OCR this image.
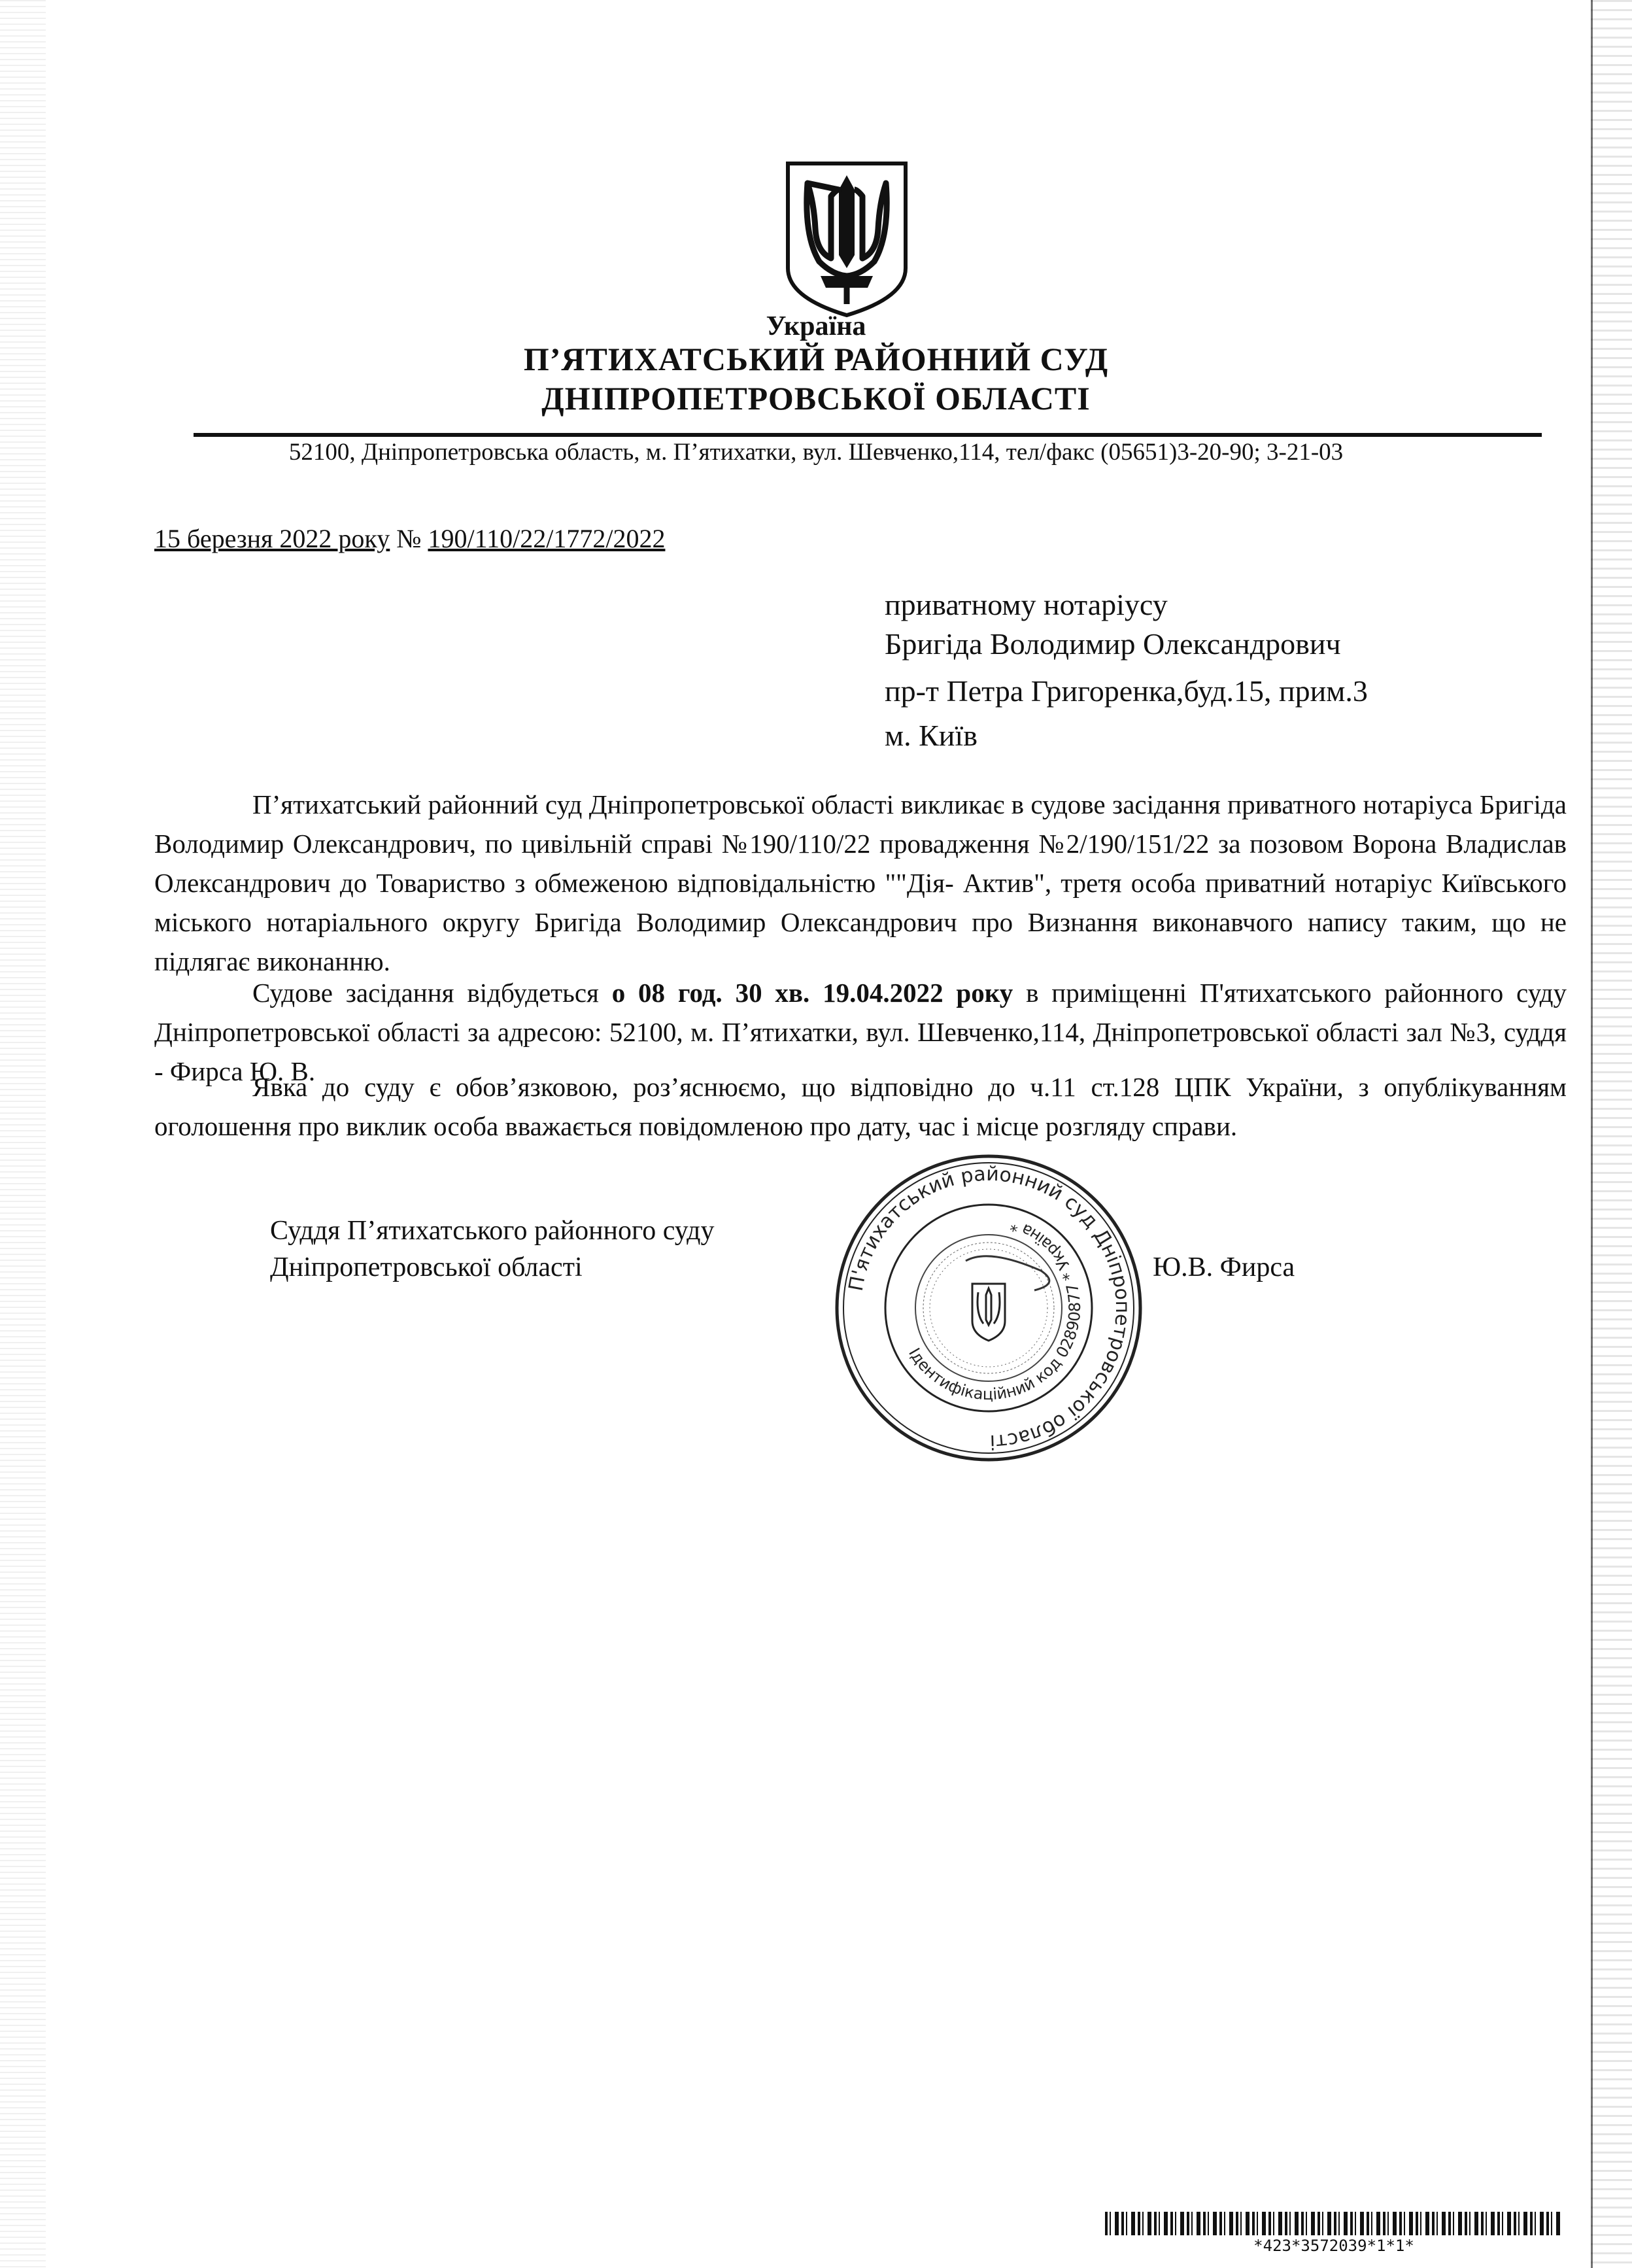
Україна
П’ЯТИХАТСЬКИЙ РАЙОННИЙ СУД
ДНІПРОПЕТРОВСЬКОЇ ОБЛАСТІ
52100, Дніпропетровська область, м. П’ятихатки, вул. Шевченко,114, тел/факс (05651)3-20-90; 3-21-03
15 березня 2022 року № 190/110/22/1772/2022
приватному нотаріусу
Бригіда Володимир Олександрович
пр-т Петра Григоренка,буд.15, прим.3
м. Київ
П’ятихатський районний суд Дніпропетровської області викликає в судове засідання приватного нотаріуса Бригіда Володимир Олександрович, по цивільній справі №190/110/22 провадження №2/190/151/22 за позовом Ворона Владислав Олександрович до Товариство з обмеженою відповідальністю ""Дія- Актив", третя особа приватний нотаріус Київського міського нотаріального округу Бригіда Володимир Олександрович про Визнання виконавчого напису таким, що не підлягає виконанню.
Судове засідання відбудеться о 08 год. 30 хв. 19.04.2022 року в приміщенні П'ятихатського районного суду Дніпропетровської області за адресою: 52100, м. П’ятихатки, вул. Шевченко,114, Дніпропетровської області зал №3, суддя - Фирса Ю. В.
Явка до суду є обов’язковою, роз’яснюємо, що відповідно до ч.11 ст.128 ЦПК України, з опублікуванням оголошення про виклик особа вважається повідомленою про дату, час і місце розгляду справи.
Суддя П’ятихатського районного суду
Дніпропетровської області	Ю.В. Фирса
П'ятихатський районний суд Дніпропетровської області
Ідентифікаційний код 02890877 * Україна *
*423*3572039*1*1*
